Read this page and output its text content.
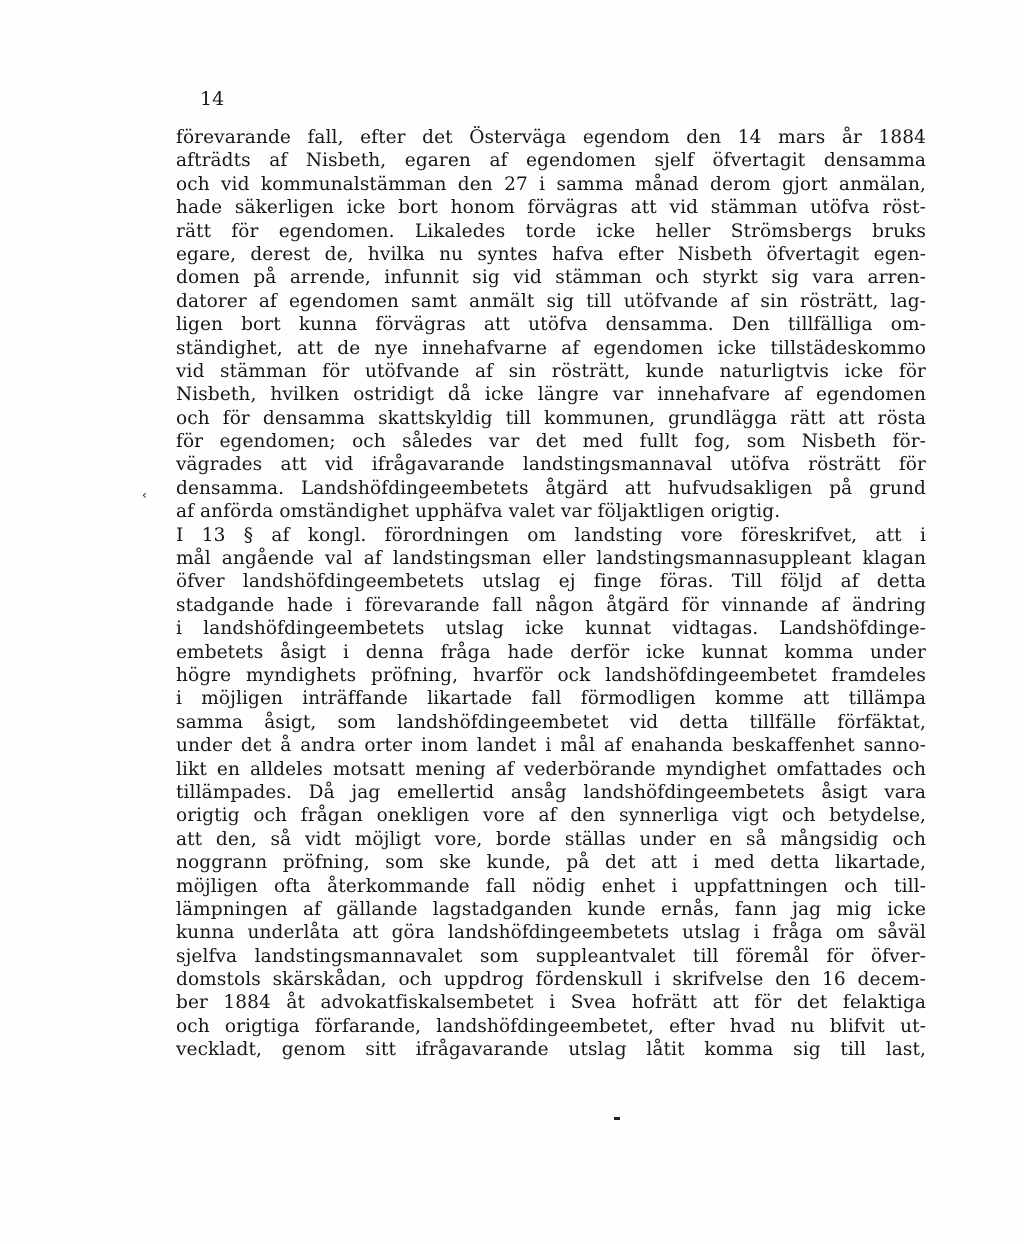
14
‹
förevarande fall, efter det Österväga egendom den 14 mars år 1884
afträdts af Nisbeth, egaren af egendomen sjelf öfvertagit densamma
och vid kommunalstämman den 27 i samma månad derom gjort anmälan,
hade säkerligen icke bort honom förvägras att vid stämman utöfva röst-
rätt för egendomen. Likaledes torde icke heller Strömsbergs bruks
egare, derest de, hvilka nu syntes hafva efter Nisbeth öfvertagit egen-
domen på arrende, infunnit sig vid stämman och styrkt sig vara arren-
datorer af egendomen samt anmält sig till utöfvande af sin rösträtt, lag-
ligen bort kunna förvägras att utöfva densamma. Den tillfälliga om-
ständighet, att de nye innehafvarne af egendomen icke tillstädeskommo
vid stämman för utöfvande af sin rösträtt, kunde naturligtvis icke för
Nisbeth, hvilken ostridigt då icke längre var innehafvare af egendomen
och för densamma skattskyldig till kommunen, grundlägga rätt att rösta
för egendomen; och således var det med fullt fog, som Nisbeth för-
vägrades att vid ifrågavarande landstingsmannaval utöfva rösträtt för
densamma. Landshöfdingeembetets åtgärd att hufvudsakligen på grund
af anförda omständighet upphäfva valet var följaktligen origtig.
I 13 § af kongl. förordningen om landsting vore föreskrifvet, att i
mål angående val af landstingsman eller landstingsmannasuppleant klagan
öfver landshöfdingeembetets utslag ej finge föras. Till följd af detta
stadgande hade i förevarande fall någon åtgärd för vinnande af ändring
i landshöfdingeembetets utslag icke kunnat vidtagas. Landshöfdinge-
embetets åsigt i denna fråga hade derför icke kunnat komma under
högre myndighets pröfning, hvarför ock landshöfdingeembetet framdeles
i möjligen inträffande likartade fall förmodligen komme att tillämpa
samma åsigt, som landshöfdingeembetet vid detta tillfälle förfäktat,
under det å andra orter inom landet i mål af enahanda beskaffenhet sanno-
likt en alldeles motsatt mening af vederbörande myndighet omfattades och
tillämpades. Då jag emellertid ansåg landshöfdingeembetets åsigt vara
origtig och frågan onekligen vore af den synnerliga vigt och betydelse,
att den, så vidt möjligt vore, borde ställas under en så mångsidig och
noggrann pröfning, som ske kunde, på det att i med detta likartade,
möjligen ofta återkommande fall nödig enhet i uppfattningen och till-
lämpningen af gällande lagstadganden kunde ernås, fann jag mig icke
kunna underlåta att göra landshöfdingeembetets utslag i fråga om såväl
sjelfva landstingsmannavalet som suppleantvalet till föremål för öfver-
domstols skärskådan, och uppdrog fördenskull i skrifvelse den 16 decem-
ber 1884 åt advokatfiskalsembetet i Svea hofrätt att för det felaktiga
och origtiga förfarande, landshöfdingeembetet, efter hvad nu blifvit ut-
veckladt, genom sitt ifrågavarande utslag låtit komma sig till last,
